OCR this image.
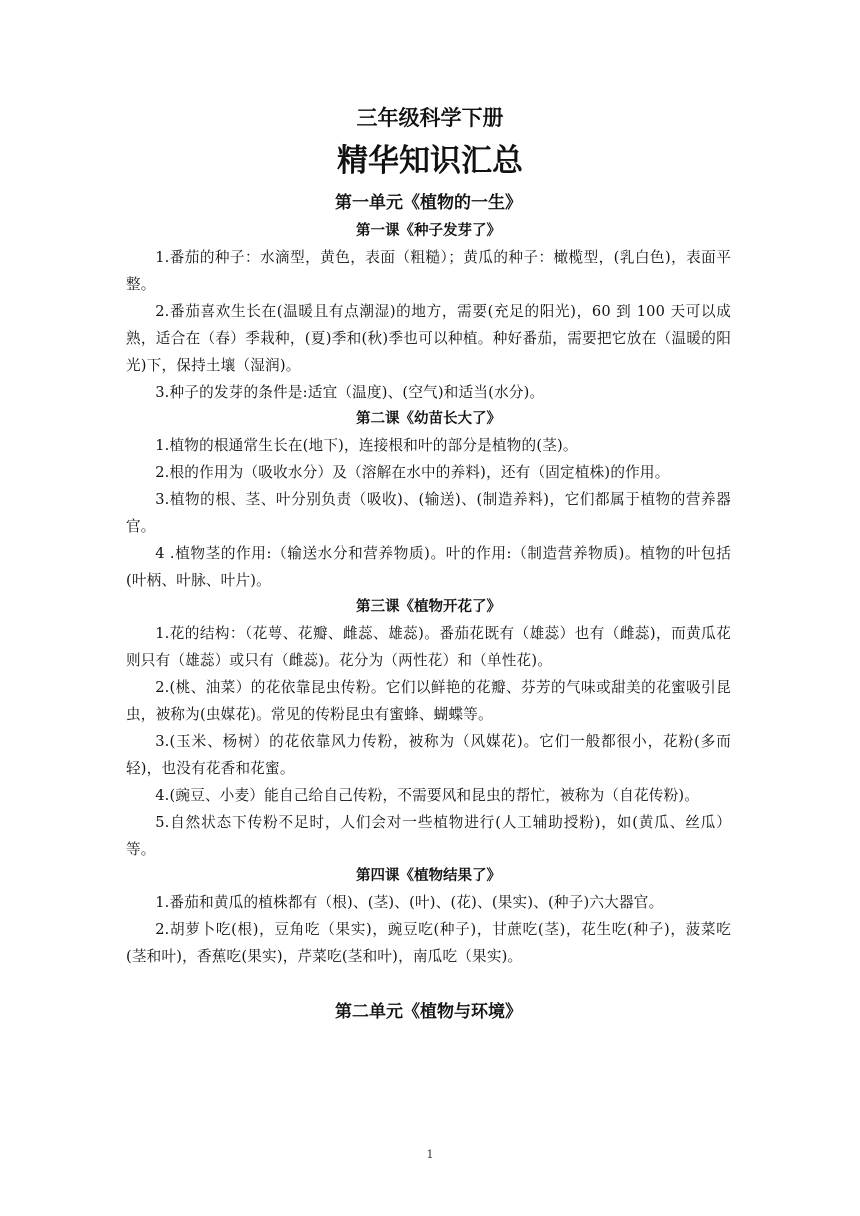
三年级科学下册
精华知识汇总
第一单元《植物的一生》
第一课《种子发芽了》

1.番茄的种子：水滴型，黄色，表面（粗糙）；黄瓜的种子：橄榄型，(乳白色)，表面平整。

2.番茄喜欢生长在(温暖且有点潮湿)的地方，需要(充足的阳光)，60 到 100 天可以成熟，适合在（春）季栽种，(夏)季和(秋)季也可以种植。种好番茄，需要把它放在（温暖的阳光)下，保持土壤（湿润)。

3.种子的发芽的条件是:适宜（温度)、(空气)和适当(水分)。

第二课《幼苗长大了》

1.植物的根通常生长在(地下)，连接根和叶的部分是植物的(茎)。

2.根的作用为（吸收水分）及（溶解在水中的养料)，还有（固定植株)的作用。

3.植物的根、茎、叶分别负责（吸收)、(输送)、(制造养料)，它们都属于植物的营养器官。

4 .植物茎的作用:（输送水分和营养物质)。叶的作用:（制造营养物质)。植物的叶包括(叶柄、叶脉、叶片)。

第三课《植物开花了》

1.花的结构：（花萼、花瓣、雌蕊、雄蕊)。番茄花既有（雄蕊）也有（雌蕊)，而黄瓜花则只有（雄蕊）或只有（雌蕊)。花分为（两性花）和（单性花)。

2.(桃、油菜）的花依靠昆虫传粉。它们以鲜艳的花瓣、芬芳的气味或甜美的花蜜吸引昆虫，被称为(虫媒花)。常见的传粉昆虫有蜜蜂、蝴蝶等。

3.(玉米、杨树）的花依靠风力传粉，被称为（风媒花)。它们一般都很小，花粉(多而轻)，也没有花香和花蜜。

4.(豌豆、小麦）能自己给自己传粉，不需要风和昆虫的帮忙，被称为（自花传粉)。

5.自然状态下传粉不足时，人们会对一些植物进行(人工辅助授粉)，如(黄瓜、丝瓜）等。

第四课《植物结果了》

1.番茄和黄瓜的植株都有（根)、(茎)、(叶)、(花)、(果实)、(种子)六大器官。

2.胡萝卜吃(根)，豆角吃（果实)，豌豆吃(种子)，甘蔗吃(茎)，花生吃(种子)，菠菜吃(茎和叶)，香蕉吃(果实)，芹菜吃(茎和叶)，南瓜吃（果实)。

第二单元《植物与环境》
1
